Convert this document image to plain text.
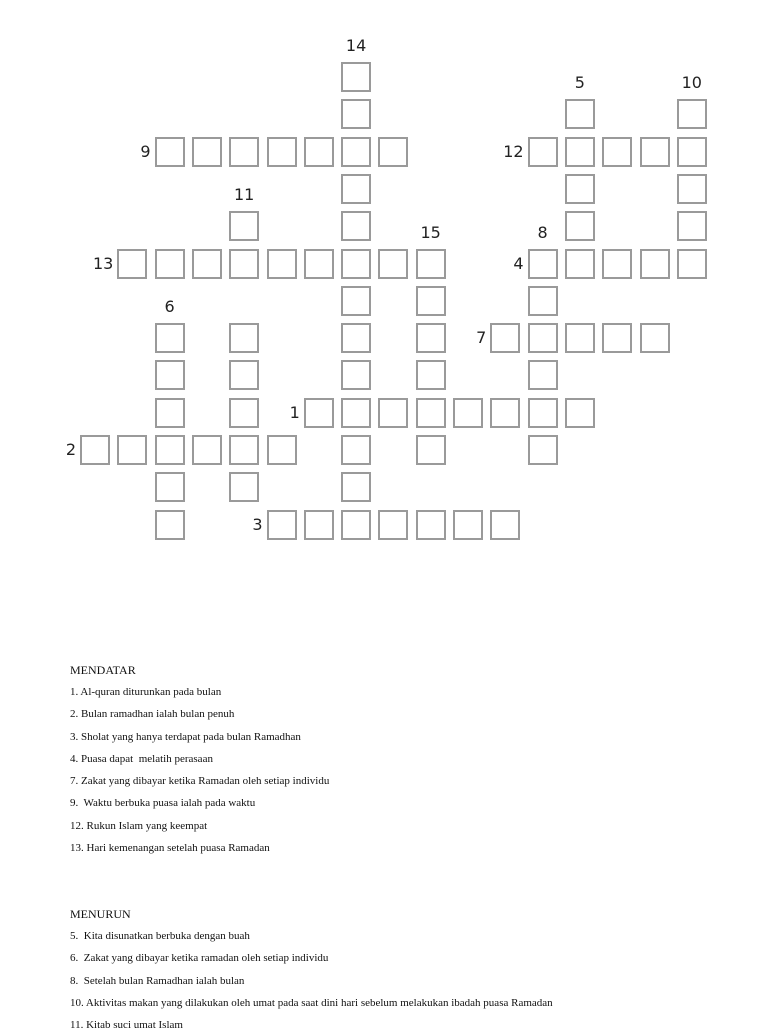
14
5	10
9	12
11
15	8
13	4
6
7
1
2
3
MENDATAR
1. Al-quran diturunkan pada bulan
2. Bulan ramadhan ialah bulan penuh
3. Sholat yang hanya terdapat pada bulan Ramadhan
4. Puasa dapat  melatih perasaan
7. Zakat yang dibayar ketika Ramadan oleh setiap individu
9.  Waktu berbuka puasa ialah pada waktu
12. Rukun Islam yang keempat
13. Hari kemenangan setelah puasa Ramadan
MENURUN
5.  Kita disunatkan berbuka dengan buah
6.  Zakat yang dibayar ketika ramadan oleh setiap individu
8.  Setelah bulan Ramadhan ialah bulan
10. Aktivitas makan yang dilakukan oleh umat pada saat dini hari sebelum melakukan ibadah puasa Ramadan
11. Kitab suci umat Islam
